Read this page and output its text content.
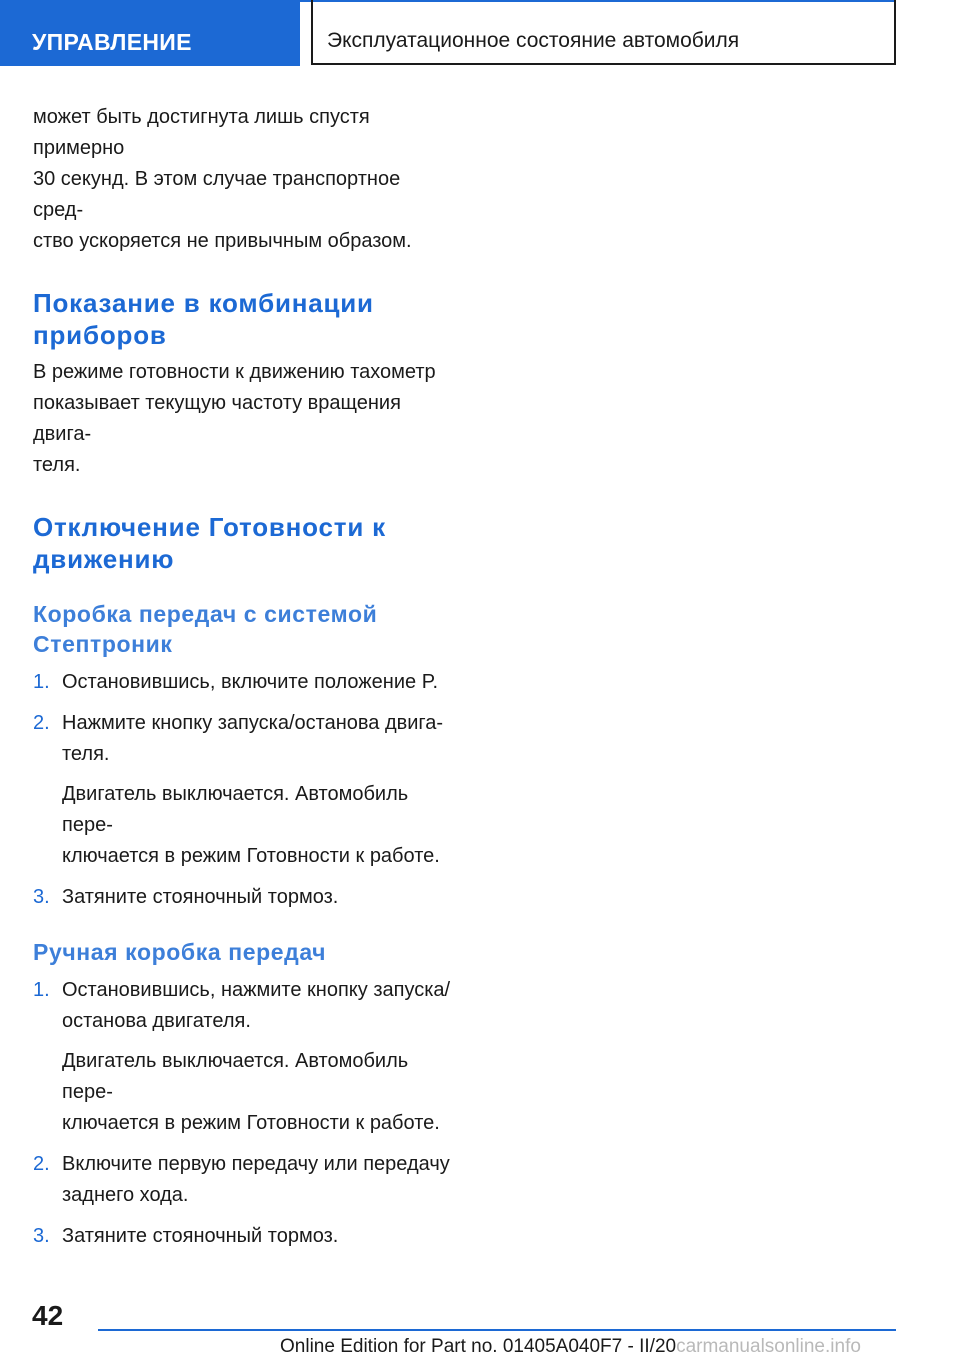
УПРАВЛЕНИЕ	Эксплуатационное состояние автомобиля

может быть достигнута лишь спустя примерно
30 секунд. В этом случае транспортное сред-
ство ускоряется не привычным образом.

Показание в комбинации
приборов

В режиме готовности к движению тахометр
показывает текущую частоту вращения двига-
теля.

Отключение Готовности к
движению
Коробка передач с системой
Стептроник
1. Остановившись, включите положение P.
2. Нажмите кнопку запуска/останова двига-
теля.
Двигатель выключается. Автомобиль пере-
ключается в режим Готовности к работе.
3. Затяните стояночный тормоз.
Ручная коробка передач
1. Остановившись, нажмите кнопку запуска/
останова двигателя.
Двигатель выключается. Автомобиль пере-
ключается в режим Готовности к работе.
2. Включите первую передачу или передачу
заднего хода.
3. Затяните стояночный тормоз.
42
Online Edition for Part no. 01405A040F7 - II/20carmanualsonline.info
